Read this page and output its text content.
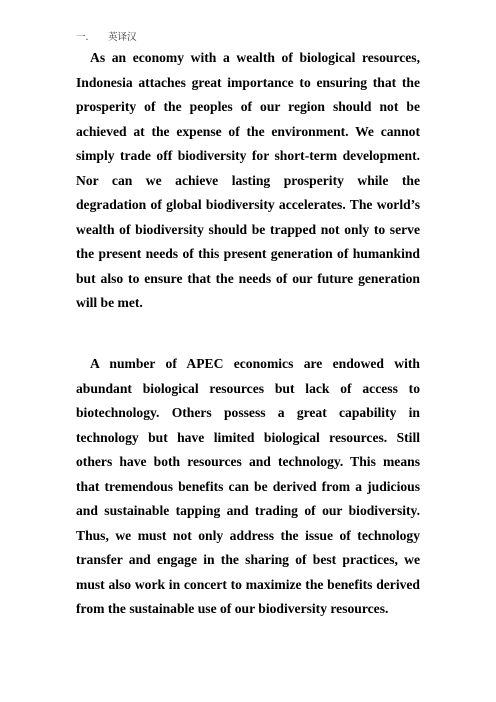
一. 英译汉

As an economy with a wealth of biological resources, Indonesia attaches great importance to ensuring that the prosperity of the peoples of our region should not be achieved at the expense of the environment. We cannot simply trade off biodiversity for short-term development. Nor can we achieve lasting prosperity while the degradation of global biodiversity accelerates. The world’s wealth of biodiversity should be trapped not only to serve the present needs of this present generation of humankind but also to ensure that the needs of our future generation will be met.

A number of APEC economics are endowed with abundant biological resources but lack of access to biotechnology. Others possess a great capability in technology but have limited biological resources. Still others have both resources and technology. This means that tremendous benefits can be derived from a judicious and sustainable tapping and trading of our biodiversity. Thus, we must not only address the issue of technology transfer and engage in the sharing of best practices, we must also work in concert to maximize the benefits derived from the sustainable use of our biodiversity resources.
